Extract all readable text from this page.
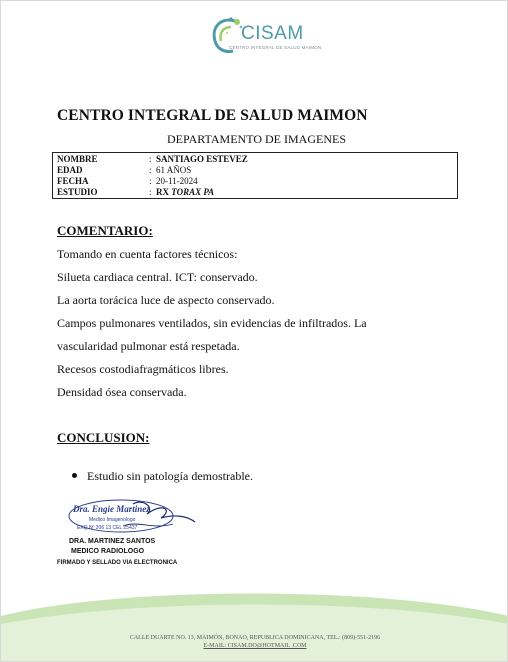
CISAM
CENTRO INTEGRAL DE SALUD MAIMON
CENTRO INTEGRAL DE SALUD MAIMON
DEPARTAMENTO DE IMAGENES
NOMBRE	: SANTIAGO ESTEVEZ
EDAD	: 61 AÑOS
FECHA	: 20-11-2024
ESTUDIO	: RX TORAX PA
COMENTARIO:
Tomando en cuenta factores técnicos:
Silueta cardiaca central. ICT: conservado.
La aorta torácica luce de aspecto conservado.
Campos pulmonares ventilados, sin evidencias de infiltrados. La
vascularidad pulmonar está respetada.
Recesos costodiafragmáticos libres.
Densidad ósea conservada.
CONCLUSION:
Estudio sin patología demostrable.
Dra. Engie Martinez
Medico Imagenologo
EXQ Nº 206 13 CEL 25437
DRA. MARTINEZ SANTOS
MEDICO RADIOLOGO
FIRMADO Y SELLADO VIA ELECTRONICA
CALLE DUARTE NO. 13, MAIMÓN, BONAO, REPUBLICA DOMINICANA, TEL.: (809)-551-2196
E-MAIL: CISAM.DO@HOTMAIL .COM
